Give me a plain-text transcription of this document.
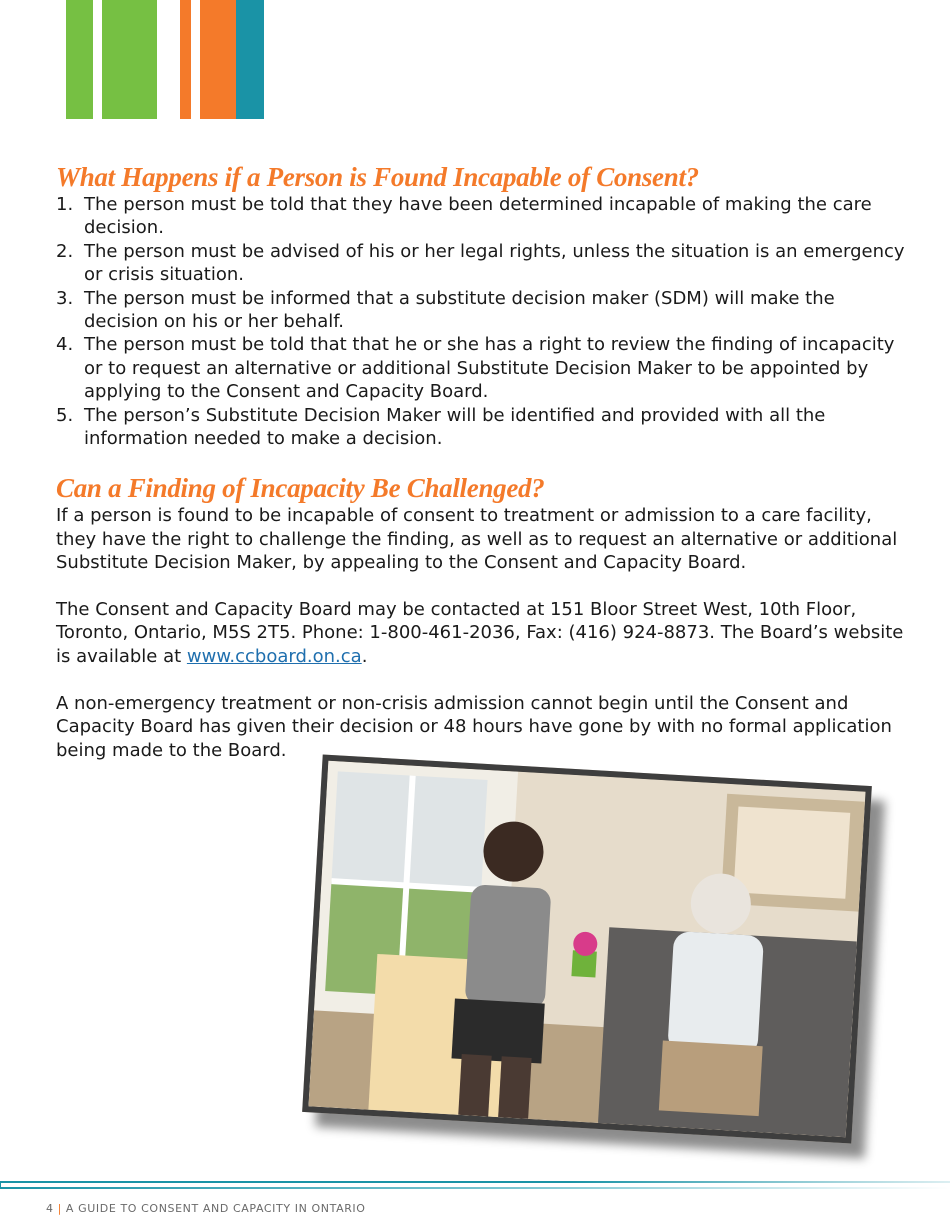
What Happens if a Person is Found Incapable of Consent?
1. The person must be told that they have been determined incapable of making the care decision.
2. The person must be advised of his or her legal rights, unless the situation is an emergency or crisis situation.
3. The person must be informed that a substitute decision maker (SDM) will make the decision on his or her behalf.
4. The person must be told that that he or she has a right to review the finding of incapacity or to request an alternative or additional Substitute Decision Maker to be appointed by applying to the Consent and Capacity Board.
5. The person’s Substitute Decision Maker will be identified and provided with all the information needed to make a decision.
Can a Finding of Incapacity Be Challenged?

If a person is found to be incapable of consent to treatment or admission to a care facility, they have the right to challenge the finding, as well as to request an alternative or additional Substitute Decision Maker, by appealing to the Consent and Capacity Board.

The Consent and Capacity Board may be contacted at 151 Bloor Street West, 10th Floor, Toronto, Ontario, M5S 2T5. Phone: 1-800-461-2036, Fax: (416) 924-8873. The Board’s website is available at www.ccboard.on.ca.

A non-emergency treatment or non-crisis admission cannot begin until the Consent and Capacity Board has given their decision or 48 hours have gone by with no formal application being made to the Board.

4 | A GUIDE TO CONSENT AND CAPACITY IN ONTARIO
